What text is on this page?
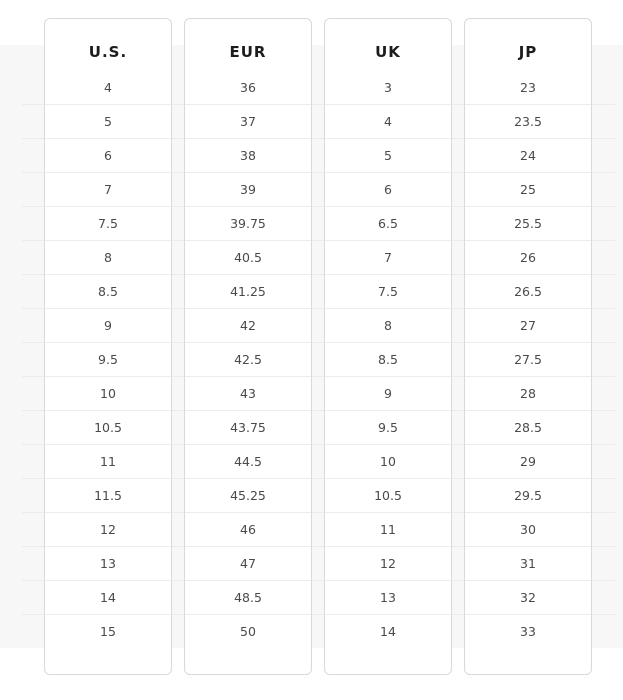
U.S.
4
5
6
7
7.5
8
8.5
9
9.5
10
10.5
11
11.5
12
13
14
15
EUR
36
37
38
39
39.75
40.5
41.25
42
42.5
43
43.75
44.5
45.25
46
47
48.5
50
UK
3
4
5
6
6.5
7
7.5
8
8.5
9
9.5
10
10.5
11
12
13
14
JP
23
23.5
24
25
25.5
26
26.5
27
27.5
28
28.5
29
29.5
30
31
32
33
